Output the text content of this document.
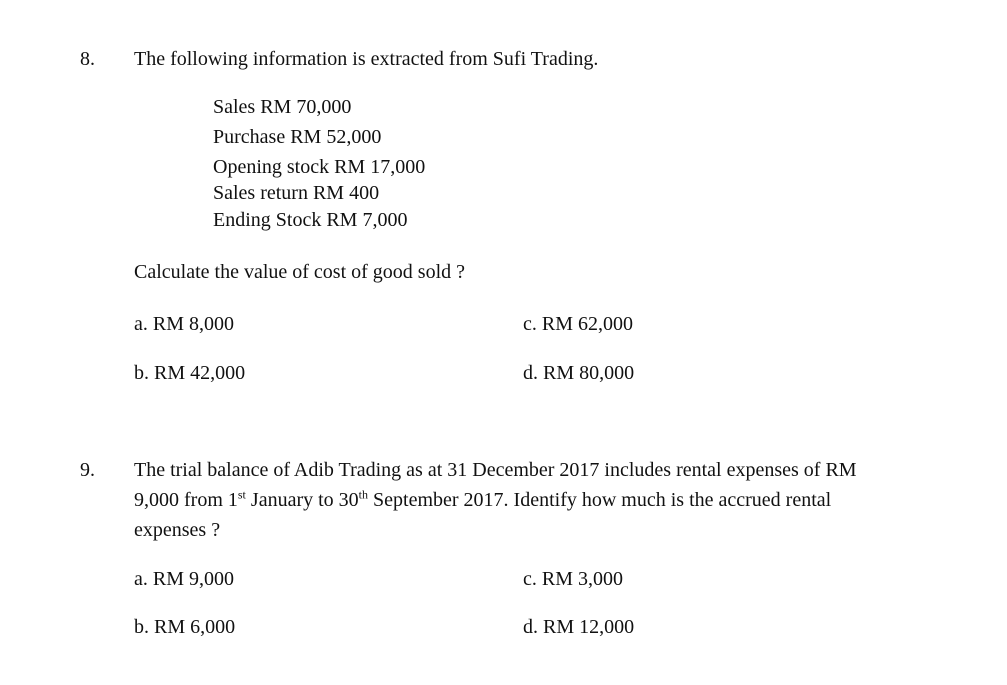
8. The following information is extracted from Sufi Trading.
Sales RM 70,000
Purchase RM 52,000
Opening stock RM 17,000
Sales return RM 400
Ending Stock RM 7,000
Calculate the value of cost of good sold ?
a. RM 8,000	c. RM 62,000
b. RM 42,000	d. RM 80,000
9. The trial balance of Adib Trading as at 31 December 2017 includes rental expenses of RM
9,000 from 1st January to 30th September 2017. Identify how much is the accrued rental
expenses ?
a. RM 9,000	c. RM 3,000
b. RM 6,000	d. RM 12,000
